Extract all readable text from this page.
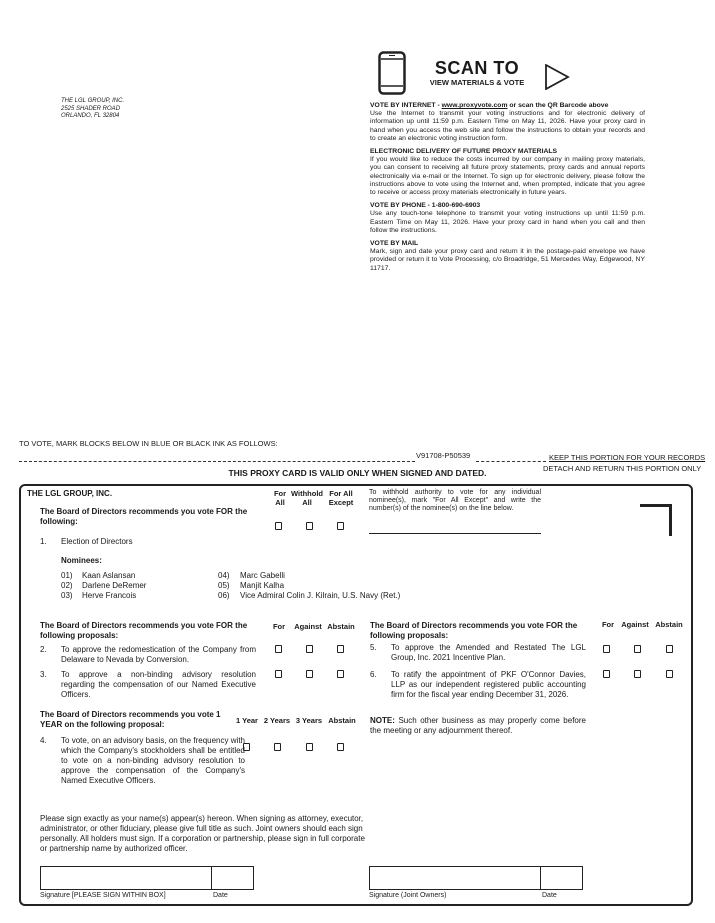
THE LGL GROUP, INC.
2525 SHADER ROAD
ORLANDO, FL 32804
SCAN TO
VIEW MATERIALS & VOTE
VOTE BY INTERNET - www.proxyvote.com or scan the QR Barcode above
Use the Internet to transmit your voting instructions and for electronic delivery of information up until 11:59 p.m. Eastern Time on May 11, 2026. Have your proxy card in hand when you access the web site and follow the instructions to obtain your records and to create an electronic voting instruction form.
ELECTRONIC DELIVERY OF FUTURE PROXY MATERIALS
If you would like to reduce the costs incurred by our company in mailing proxy materials, you can consent to receiving all future proxy statements, proxy cards and annual reports electronically via e-mail or the Internet. To sign up for electronic delivery, please follow the instructions above to vote using the Internet and, when prompted, indicate that you agree to receive or access proxy materials electronically in future years.
VOTE BY PHONE - 1-800-690-6903
Use any touch-tone telephone to transmit your voting instructions up until 11:59 p.m. Eastern Time on May 11, 2026. Have your proxy card in hand when you call and then follow the instructions.
VOTE BY MAIL
Mark, sign and date your proxy card and return it in the postage-paid envelope we have provided or return it to Vote Processing, c/o Broadridge, 51 Mercedes Way, Edgewood, NY 11717.
TO VOTE, MARK BLOCKS BELOW IN BLUE OR BLACK INK AS FOLLOWS:
V91708-P50539	KEEP THIS PORTION FOR YOUR RECORDS
DETACH AND RETURN THIS PORTION ONLY
THIS PROXY CARD IS VALID ONLY WHEN SIGNED AND DATED.
THE LGL GROUP, INC.
The Board of Directors recommends you vote FOR the following:
For All
Withhold All
For All Except
To withhold authority to vote for any individual nominee(s), mark "For All Except" and write the number(s) of the nominee(s) on the line below.
1. Election of Directors
Nominees:
01) Kaan Aslansan
02) Darlene DeRemer
03) Herve Francois
04) Marc Gabelli
05) Manjit Kalha
06) Vice Admiral Colin J. Kilrain, U.S. Navy (Ret.)
The Board of Directors recommends you vote FOR the following proposals:
For	Against Abstain
2. To approve the redomestication of the Company from Delaware to Nevada by Conversion.
3. To approve a non-binding advisory resolution regarding the compensation of our Named Executive Officers.
The Board of Directors recommends you vote 1 YEAR on the following proposal:	1 Year 2 Years 3 Years Abstain
4. To vote, on an advisory basis, on the frequency with which the Company's stockholders shall be entitled to vote on a non-binding advisory resolution to approve the compensation of the Company's Named Executive Officers.
The Board of Directors recommends you vote FOR the following proposals:
For Against Abstain
5. To approve the Amended and Restated The LGL Group, Inc. 2021 Incentive Plan.
6. To ratify the appointment of PKF O'Connor Davies, LLP as our independent registered public accounting firm for the fiscal year ending December 31, 2026.
NOTE: Such other business as may properly come before the meeting or any adjournment thereof.
Please sign exactly as your name(s) appear(s) hereon. When signing as attorney, executor, administrator, or other fiduciary, please give full title as such. Joint owners should each sign personally. All holders must sign. If a corporation or partnership, please sign in full corporate or partnership name by authorized officer.
Signature [PLEASE SIGN WITHIN BOX]	Date	Signature (Joint Owners)	Date
